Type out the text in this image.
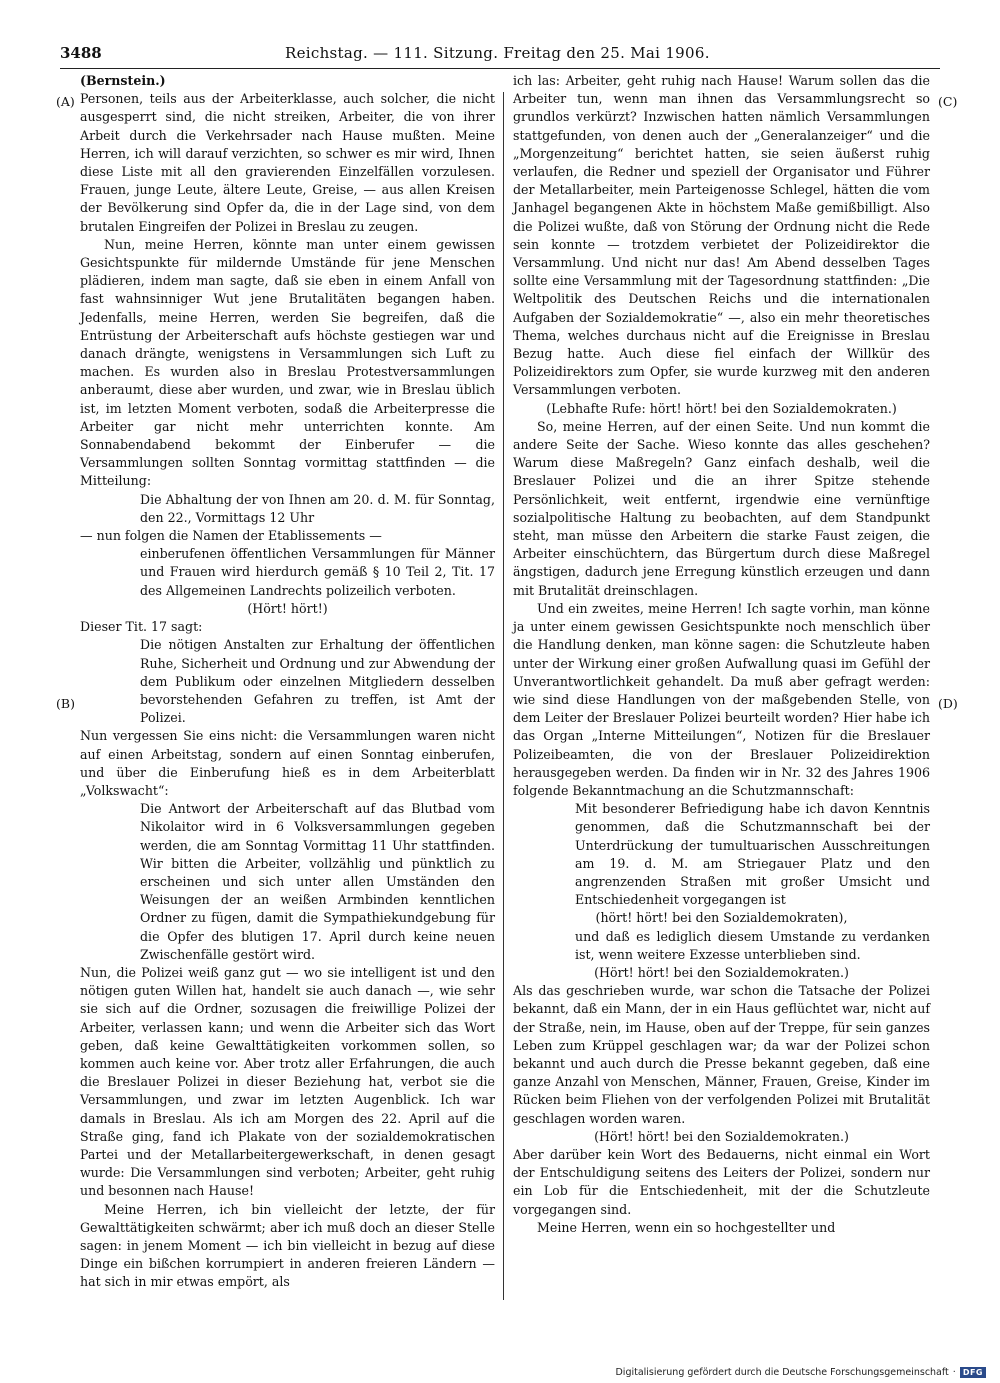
3488	Reichstag. — 111. Sitzung. Freitag den 25. Mai 1906.
(A)
(B)
(C)
(D)

(Bernstein.)

Personen, teils aus der Arbeiterklasse, auch solcher, die nicht ausgesperrt sind, die nicht streiken, Arbeiter, die von ihrer Arbeit durch die Verkehrsader nach Hause mußten. Meine Herren, ich will darauf verzichten, so schwer es mir wird, Ihnen diese Liste mit all den gravierenden Einzelfällen vorzulesen. Frauen, junge Leute, ältere Leute, Greise, — aus allen Kreisen der Bevölkerung sind Opfer da, die in der Lage sind, von dem brutalen Eingreifen der Polizei in Breslau zu zeugen.

Nun, meine Herren, könnte man unter einem gewissen Gesichtspunkte für mildernde Umstände für jene Menschen plädieren, indem man sagte, daß sie eben in einem Anfall von fast wahnsinniger Wut jene Brutalitäten begangen haben. Jedenfalls, meine Herren, werden Sie begreifen, daß die Entrüstung der Arbeiterschaft aufs höchste gestiegen war und danach drängte, wenigstens in Versammlungen sich Luft zu machen. Es wurden also in Breslau Protestversammlungen anberaumt, diese aber wurden, und zwar, wie in Breslau üblich ist, im letzten Moment verboten, sodaß die Arbeiterpresse die Arbeiter gar nicht mehr unterrichten konnte. Am Sonnabendabend bekommt der Einberufer — die Versammlungen sollten Sonntag vormittag stattfinden — die Mitteilung:

Die Abhaltung der von Ihnen am 20. d. M. für Sonntag, den 22., Vormittags 12 Uhr

— nun folgen die Namen der Etablissements —

einberufenen öffentlichen Versammlungen für Männer und Frauen wird hierdurch gemäß § 10 Teil 2, Tit. 17 des Allgemeinen Landrechts polizeilich verboten.

(Hört! hört!)

Dieser Tit. 17 sagt:

Die nötigen Anstalten zur Erhaltung der öffentlichen Ruhe, Sicherheit und Ordnung und zur Abwendung der dem Publikum oder einzelnen Mitgliedern desselben bevorstehenden Gefahren zu treffen, ist Amt der Polizei.

Nun vergessen Sie eins nicht: die Versammlungen waren nicht auf einen Arbeitstag, sondern auf einen Sonntag einberufen, und über die Einberufung hieß es in dem Arbeiterblatt „Volkswacht“:

Die Antwort der Arbeiterschaft auf das Blutbad vom Nikolaitor wird in 6 Volksversammlungen gegeben werden, die am Sonntag Vormittag 11 Uhr stattfinden. Wir bitten die Arbeiter, vollzählig und pünktlich zu erscheinen und sich unter allen Umständen den Weisungen der an weißen Armbinden kenntlichen Ordner zu fügen, damit die Sympathiekundgebung für die Opfer des blutigen 17. April durch keine neuen Zwischenfälle gestört wird.

Nun, die Polizei weiß ganz gut — wo sie intelligent ist und den nötigen guten Willen hat, handelt sie auch danach —, wie sehr sie sich auf die Ordner, sozusagen die freiwillige Polizei der Arbeiter, verlassen kann; und wenn die Arbeiter sich das Wort geben, daß keine Gewalttätigkeiten vorkommen sollen, so kommen auch keine vor. Aber trotz aller Erfahrungen, die auch die Breslauer Polizei in dieser Beziehung hat, verbot sie die Versammlungen, und zwar im letzten Augenblick. Ich war damals in Breslau. Als ich am Morgen des 22. April auf die Straße ging, fand ich Plakate von der sozialdemokratischen Partei und der Metallarbeitergewerkschaft, in denen gesagt wurde: Die Versammlungen sind verboten; Arbeiter, geht ruhig und besonnen nach Hause!

Meine Herren, ich bin vielleicht der letzte, der für Gewalttätigkeiten schwärmt; aber ich muß doch an dieser Stelle sagen: in jenem Moment — ich bin vielleicht in bezug auf diese Dinge ein bißchen korrumpiert in anderen freieren Ländern — hat sich in mir etwas empört, als

ich las: Arbeiter, geht ruhig nach Hause! Warum sollen das die Arbeiter tun, wenn man ihnen das Versammlungsrecht so grundlos verkürzt? Inzwischen hatten nämlich Versammlungen stattgefunden, von denen auch der „Generalanzeiger“ und die „Morgenzeitung“ berichtet hatten, sie seien äußerst ruhig verlaufen, die Redner und speziell der Organisator und Führer der Metallarbeiter, mein Parteigenosse Schlegel, hätten die vom Janhagel begangenen Akte in höchstem Maße gemißbilligt. Also die Polizei wußte, daß von Störung der Ordnung nicht die Rede sein konnte — trotzdem verbietet der Polizeidirektor die Versammlung. Und nicht nur das! Am Abend desselben Tages sollte eine Versammlung mit der Tagesordnung stattfinden: „Die Weltpolitik des Deutschen Reichs und die internationalen Aufgaben der Sozialdemokratie“ —, also ein mehr theoretisches Thema, welches durchaus nicht auf die Ereignisse in Breslau Bezug hatte. Auch diese fiel einfach der Willkür des Polizeidirektors zum Opfer, sie wurde kurzweg mit den anderen Versammlungen verboten.

(Lebhafte Rufe: hört! hört! bei den Sozialdemokraten.)

So, meine Herren, auf der einen Seite. Und nun kommt die andere Seite der Sache. Wieso konnte das alles geschehen? Warum diese Maßregeln? Ganz einfach deshalb, weil die Breslauer Polizei und die an ihrer Spitze stehende Persönlichkeit, weit entfernt, irgendwie eine vernünftige sozialpolitische Haltung zu beobachten, auf dem Standpunkt steht, man müsse den Arbeitern die starke Faust zeigen, die Arbeiter einschüchtern, das Bürgertum durch diese Maßregel ängstigen, dadurch jene Erregung künstlich erzeugen und dann mit Brutalität dreinschlagen.

Und ein zweites, meine Herren! Ich sagte vorhin, man könne ja unter einem gewissen Gesichtspunkte noch menschlich über die Handlung denken, man könne sagen: die Schutzleute haben unter der Wirkung einer großen Aufwallung quasi im Gefühl der Unverantwortlichkeit gehandelt. Da muß aber gefragt werden: wie sind diese Handlungen von der maßgebenden Stelle, von dem Leiter der Breslauer Polizei beurteilt worden? Hier habe ich das Organ „Interne Mitteilungen“, Notizen für die Breslauer Polizeibeamten, die von der Breslauer Polizeidirektion herausgegeben werden. Da finden wir in Nr. 32 des Jahres 1906 folgende Bekanntmachung an die Schutzmannschaft:

Mit besonderer Befriedigung habe ich davon Kenntnis genommen, daß die Schutzmannschaft bei der Unterdrückung der tumultuarischen Ausschreitungen am 19. d. M. am Striegauer Platz und den angrenzenden Straßen mit großer Umsicht und Entschiedenheit vorgegangen ist

(hört! hört! bei den Sozialdemokraten),

und daß es lediglich diesem Umstande zu verdanken ist, wenn weitere Exzesse unterblieben sind.

(Hört! hört! bei den Sozialdemokraten.)

Als das geschrieben wurde, war schon die Tatsache der Polizei bekannt, daß ein Mann, der in ein Haus geflüchtet war, nicht auf der Straße, nein, im Hause, oben auf der Treppe, für sein ganzes Leben zum Krüppel geschlagen war; da war der Polizei schon bekannt und auch durch die Presse bekannt gegeben, daß eine ganze Anzahl von Menschen, Männer, Frauen, Greise, Kinder im Rücken beim Fliehen von der verfolgenden Polizei mit Brutalität geschlagen worden waren.

(Hört! hört! bei den Sozialdemokraten.)

Aber darüber kein Wort des Bedauerns, nicht einmal ein Wort der Entschuldigung seitens des Leiters der Polizei, sondern nur ein Lob für die Entschiedenheit, mit der die Schutzleute vorgegangen sind.

Meine Herren, wenn ein so hochgestellter und

Digitalisierung gefördert durch die Deutsche Forschungsgemeinschaft · DFG
